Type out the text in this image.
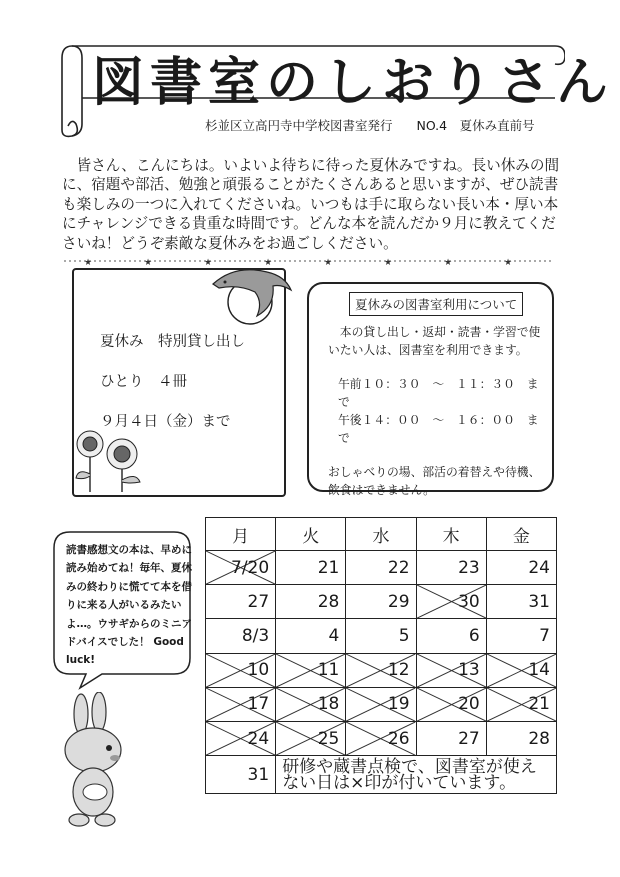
図書室のしおりさん
杉並区立高円寺中学校図書室発行 NO.4　夏休み直前号
皆さん、こんにちは。いよいよ待ちに待った夏休みですね。長い休みの間に、宿題や部活、勉強と頑張ることがたくさんあると思いますが、ぜひ読書も楽しみの一つに入れてくださいね。いつもは手に取らない長い本・厚い本にチャレンジできる貴重な時間です。どんな本を読んだか９月に教えてくださいね！どうぞ素敵な夏休みをお過ごしください。
★	★	★	★	★	★	★	★
夏休み　特別貸し出し
ひとり　４冊
９月４日（金）まで
夏休みの図書室利用について
本の貸し出し・返却・読書・学習で使いたい人は、図書室を利用できます。
午前１０：３０　～　１１：３０　まで
午後１４：００　～　１６：００　まで
おしゃべりの場、部活の着替えや待機、飲食はできません。
読書感想文の本は、早めに読み始めてね！毎年、夏休みの終わりに慌てて本を借りに来る人がいるみたいよ…。ウサギからのミニアドバイスでした！ Good luck!
月	火	水	木	金

7/20	21	22	23	24
27	28	29	30	31
8/3	4	5	6	7

10	11	12	13	14

17	18	19	20	21

24	25	26	27	28
31	研修や蔵書点検で、図書室が使えない日は×印が付いています。			
